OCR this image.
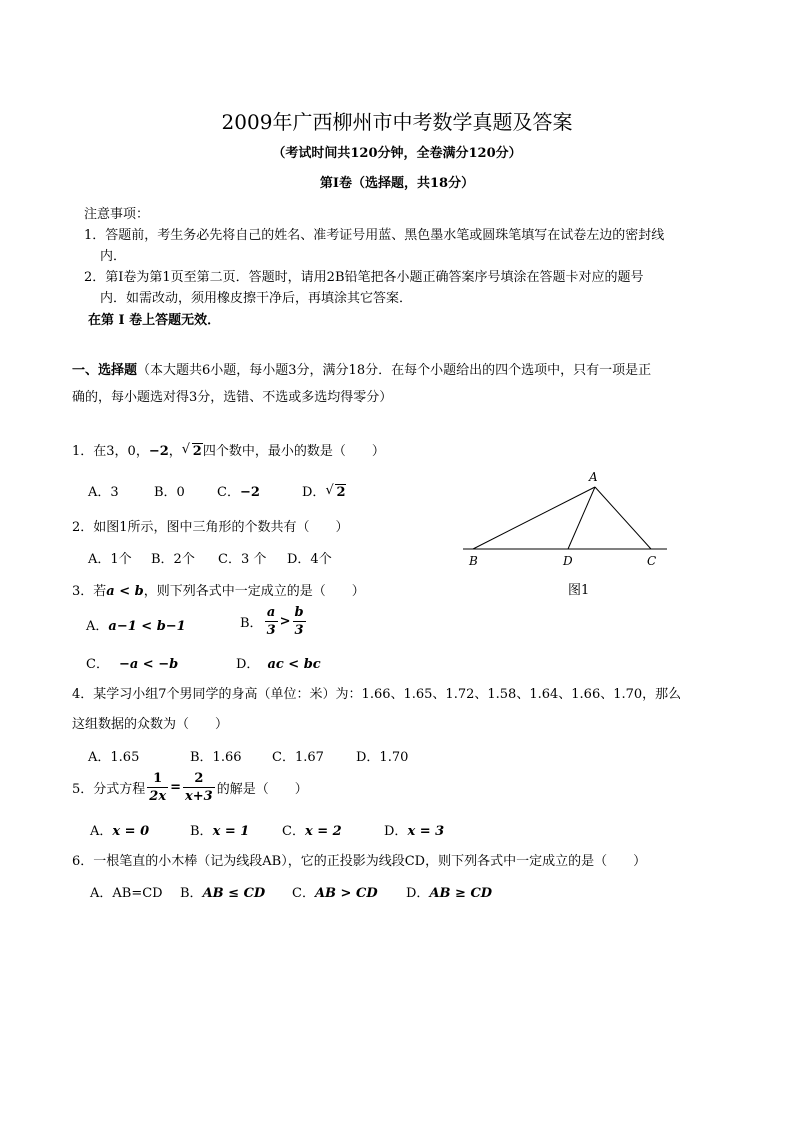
2009年广西柳州市中考数学真题及答案
（考试时间共120分钟，全卷满分120分）
第Ⅰ卷（选择题，共18分）
注意事项：
1．答题前，考生务必先将自己的姓名、准考证号用蓝、黑色墨水笔或圆珠笔填写在试卷左边的密封线
内．
2．第Ⅰ卷为第1页至第二页．答题时，请用2B铅笔把各小题正确答案序号填涂在答题卡对应的题号
内．如需改动，须用橡皮擦干净后，再填涂其它答案．
在第 Ⅰ 卷上答题无效．
一、选择题（本大题共6小题，每小题3分，满分18分．在每个小题给出的四个选项中，只有一项是正
确的，每小题选对得3分，选错、不选或多选均得零分）
1．在3，0，−2， √ 2四个数中，最小的数是（　　）
A．3	B．0 C．−2	D． √ 2
2．如图1所示，图中三角形的个数共有（　　）
A．1个 B．2个 C．3 个 D．4个
A
B	D	C
图1
3．若a < b，则下列各式中一定成立的是（　　）
A．a−1 < b−1	B． $\frac{a}{3} > \frac{b}{3}$
C． −a < −b	D． ac < bc
4．某学习小组7个男同学的身高（单位：米）为：1.66、1.65、1.72、1.58、1.64、1.66、1.70，那么
这组数据的众数为（　　）
A．1.65	B．1.66 C．1.67 D．1.70
5．分式方程 $\frac{1}{2x} = \frac{2}{x+3}$ 的解是（　　）
A．x = 0	B．x = 1	C．x = 2	D．x = 3
6．一根笔直的小木棒（记为线段AB），它的正投影为线段CD，则下列各式中一定成立的是（　　）
A．AB=CD B．AB ≤ CD C．AB > CD D．AB ≥ CD
